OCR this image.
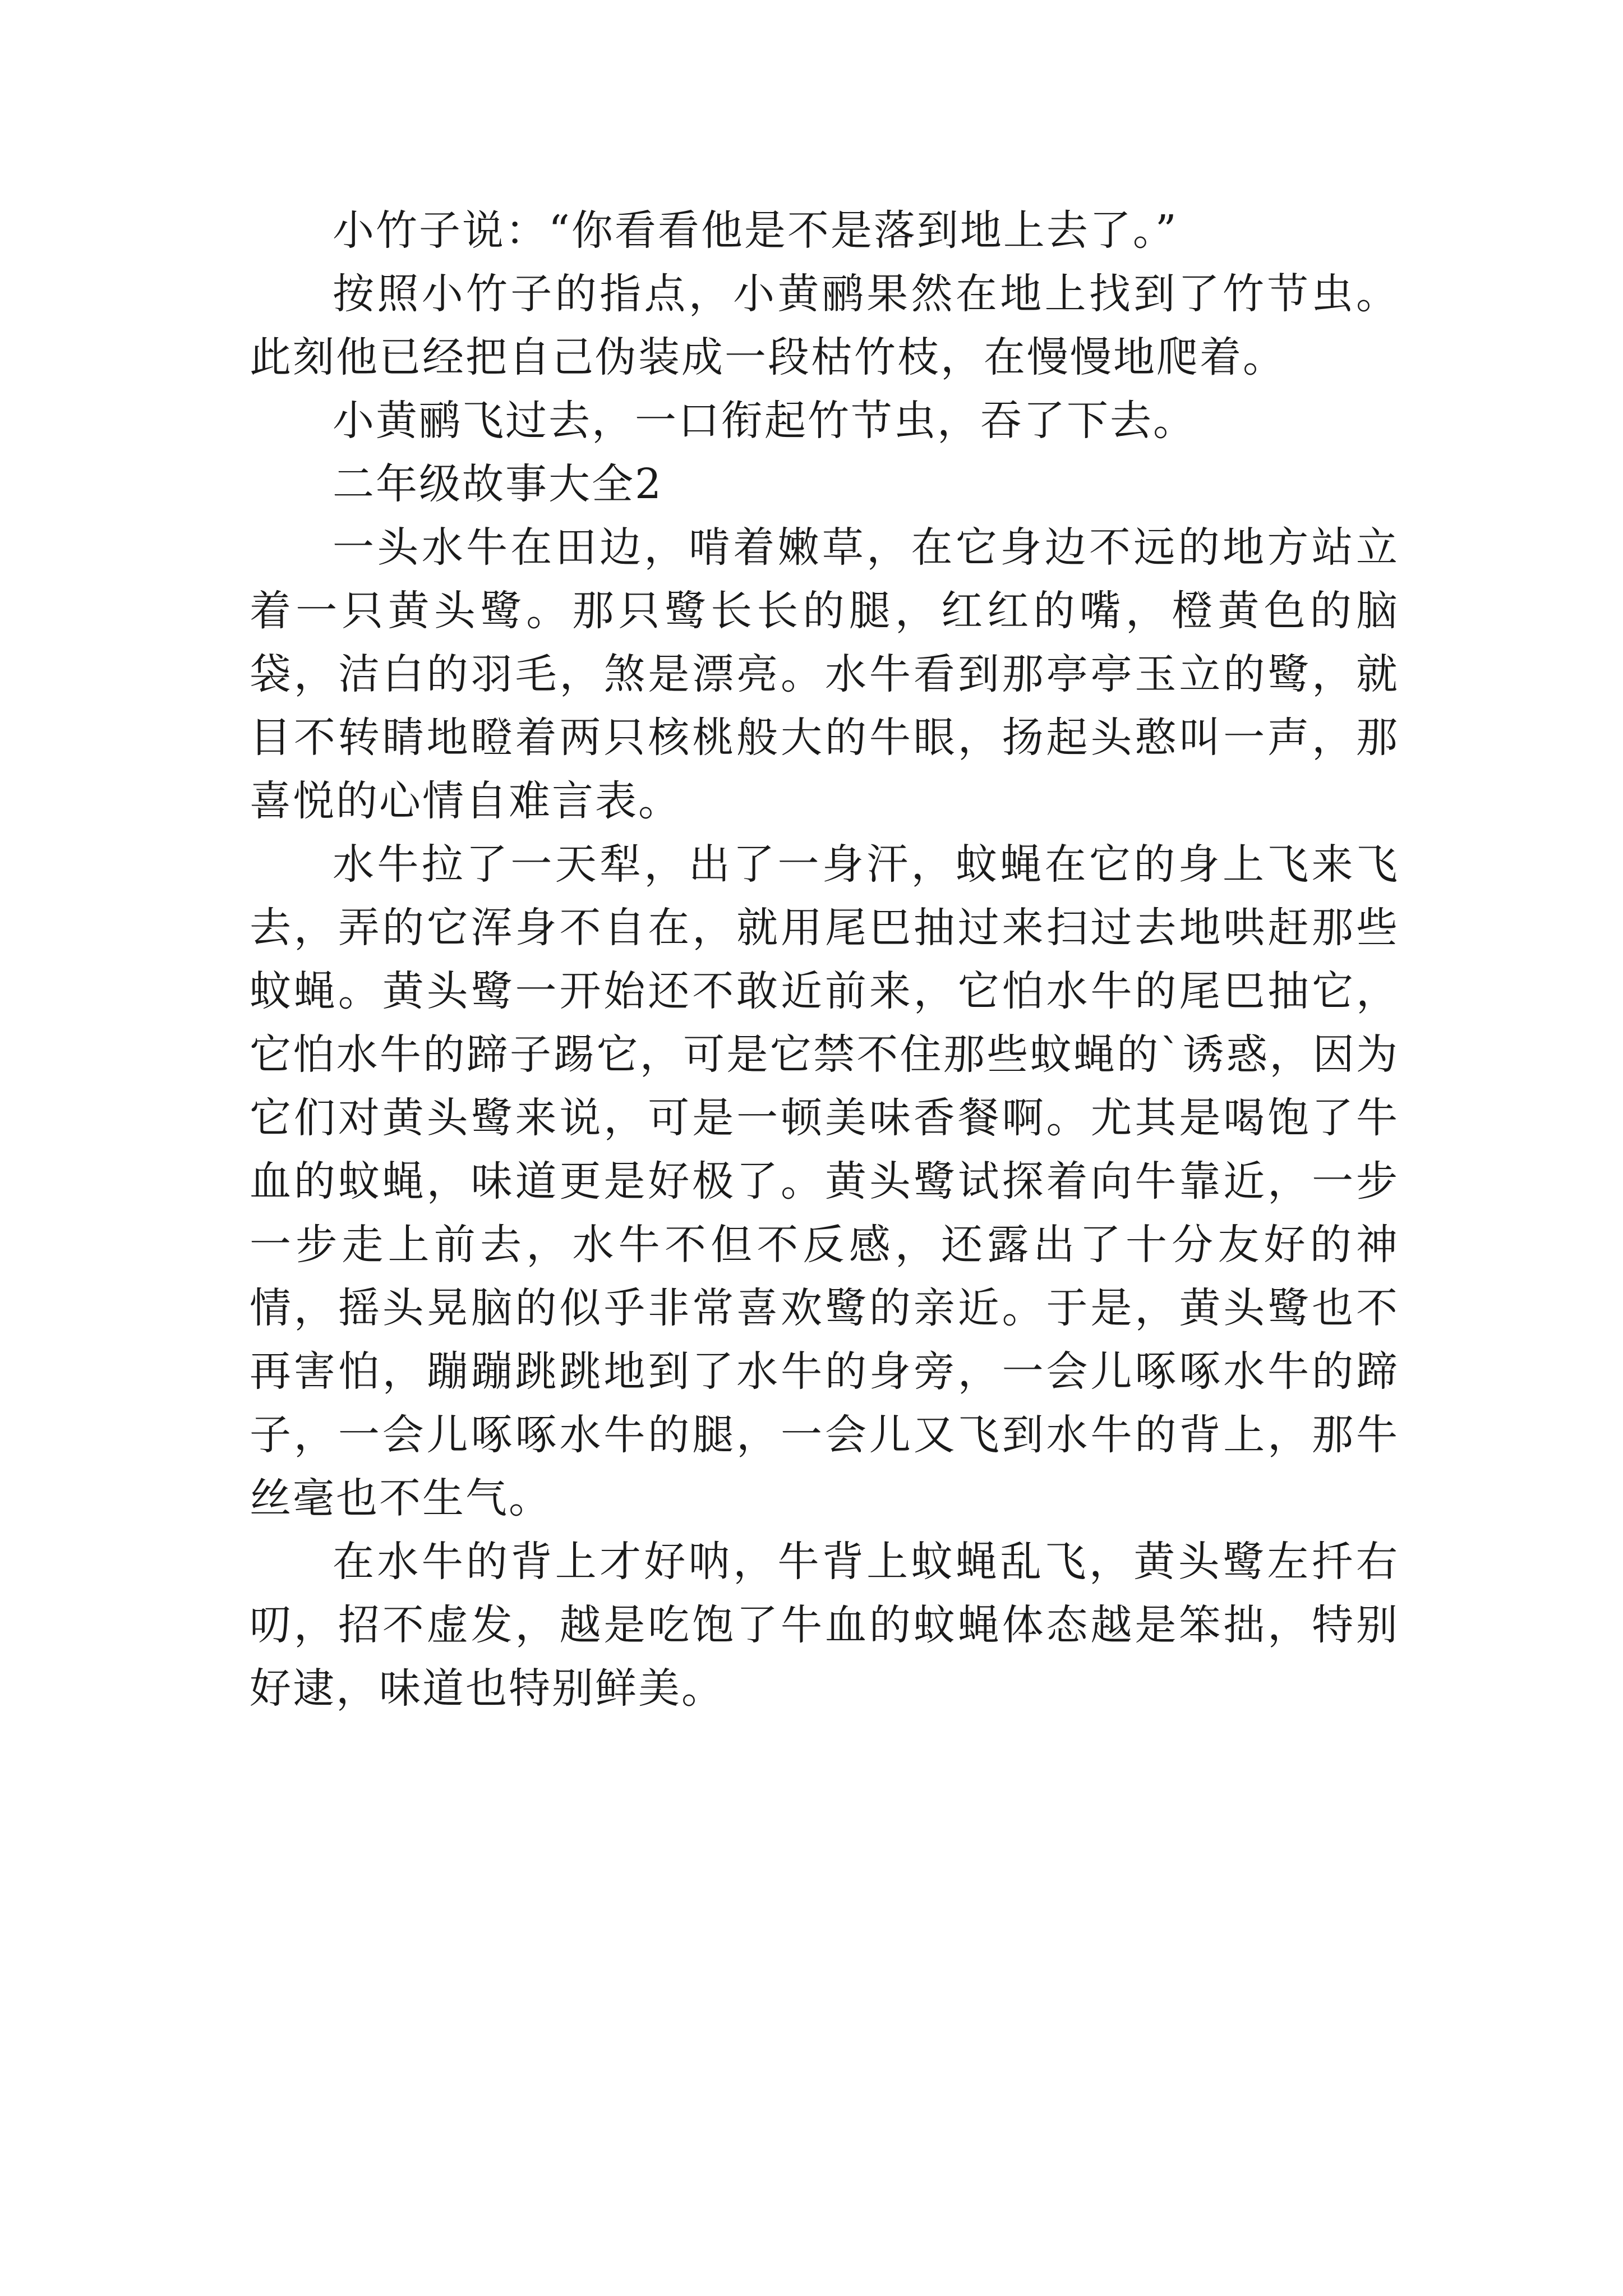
小竹子说：“你看看他是不是落到地上去了。”

按照小竹子的指点，小黄鹂果然在地上找到了竹节虫。此刻他已经把自己伪装成一段枯竹枝，在慢慢地爬着。

小黄鹂飞过去，一口衔起竹节虫，吞了下去。

二年级故事大全2

一头水牛在田边，啃着嫩草，在它身边不远的地方站立着一只黄头鹭。那只鹭长长的腿，红红的嘴，橙黄色的脑袋，洁白的羽毛，煞是漂亮。水牛看到那亭亭玉立的鹭，就目不转睛地瞪着两只核桃般大的牛眼，扬起头憨叫一声，那喜悦的心情自难言表。

水牛拉了一天犁，出了一身汗，蚊蝇在它的身上飞来飞去，弄的它浑身不自在，就用尾巴抽过来扫过去地哄赶那些蚊蝇。黄头鹭一开始还不敢近前来，它怕水牛的尾巴抽它，它怕水牛的蹄子踢它，可是它禁不住那些蚊蝇的`诱惑，因为它们对黄头鹭来说，可是一顿美味香餐啊。尤其是喝饱了牛血的蚊蝇，味道更是好极了。黄头鹭试探着向牛靠近，一步一步走上前去，水牛不但不反感，还露出了十分友好的神情，摇头晃脑的似乎非常喜欢鹭的亲近。于是，黄头鹭也不再害怕，蹦蹦跳跳地到了水牛的身旁，一会儿啄啄水牛的蹄子，一会儿啄啄水牛的腿，一会儿又飞到水牛的背上，那牛丝毫也不生气。

在水牛的背上才好呐，牛背上蚊蝇乱飞，黄头鹭左扦右叨，招不虚发，越是吃饱了牛血的蚊蝇体态越是笨拙，特别好逮，味道也特别鲜美。
